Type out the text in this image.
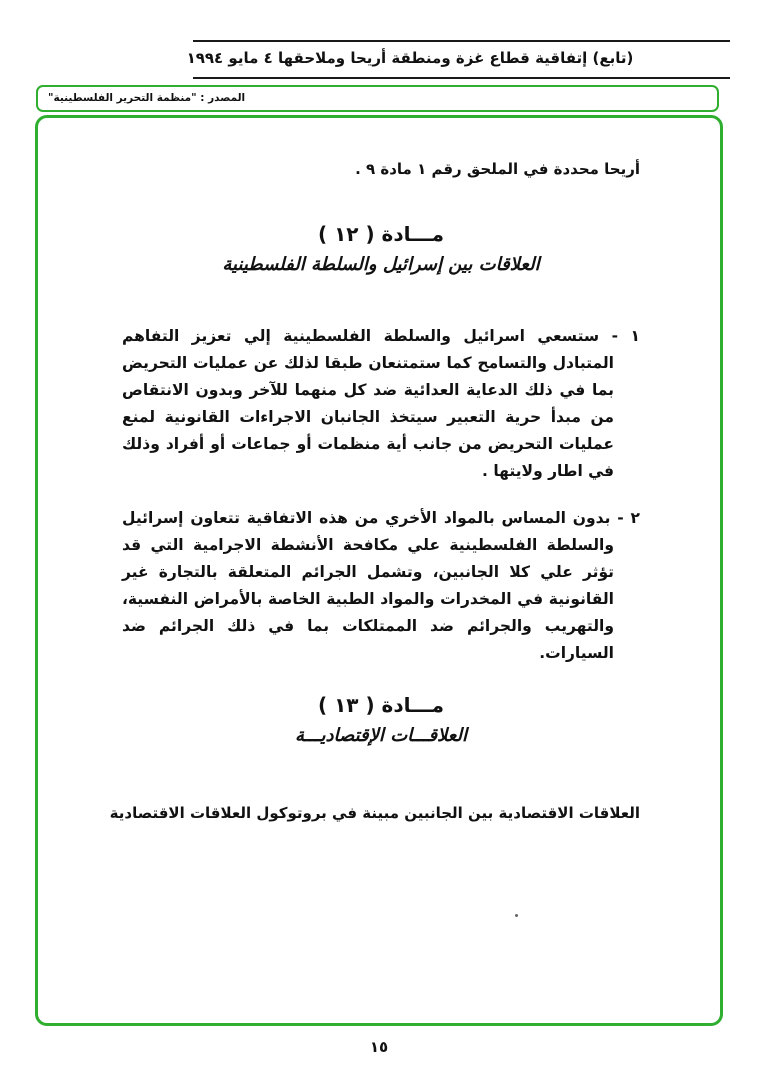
(تابع) إتفاقية قطاع غزة ومنطقة أريحا وملاحقها ٤ مايو ١٩٩٤
المصدر : "منظمة التحرير الفلسطينية"

أريحا محددة في الملحق رقم ١ مادة ٩ .

مـــادة ( ١٢ )
العلاقات بين إسرائيل والسلطة الفلسطينية

١ - ستسعي اسرائيل والسلطة الفلسطينية إلي تعزيز التفاهم المتبادل والتسامح كما ستمتنعان طبقا لذلك عن عمليات التحريض بما في ذلك الدعاية العدائية ضد كل منهما للآخر وبدون الانتقاص من مبدأ حرية التعبير سيتخذ الجانبان الاجراءات القانونية لمنع عمليات التحريض من جانب أية منظمات أو جماعات أو أفراد وذلك في اطار ولايتها .

٢ - بدون المساس بالمواد الأخري من هذه الاتفاقية تتعاون إسرائيل والسلطة الفلسطينية علي مكافحة الأنشطة الاجرامية التي قد تؤثر علي كلا الجانبين، وتشمل الجرائم المتعلقة بالتجارة غير القانونية في المخدرات والمواد الطبية الخاصة بالأمراض النفسية، والتهريب والجرائم ضد الممتلكات بما في ذلك الجرائم ضد السيارات.

مـــادة ( ١٣ )
العلاقـــات الإقتصاديـــة

العلاقات الاقتصادية بين الجانبين مبينة في بروتوكول العلاقات الاقتصادية

١٥
